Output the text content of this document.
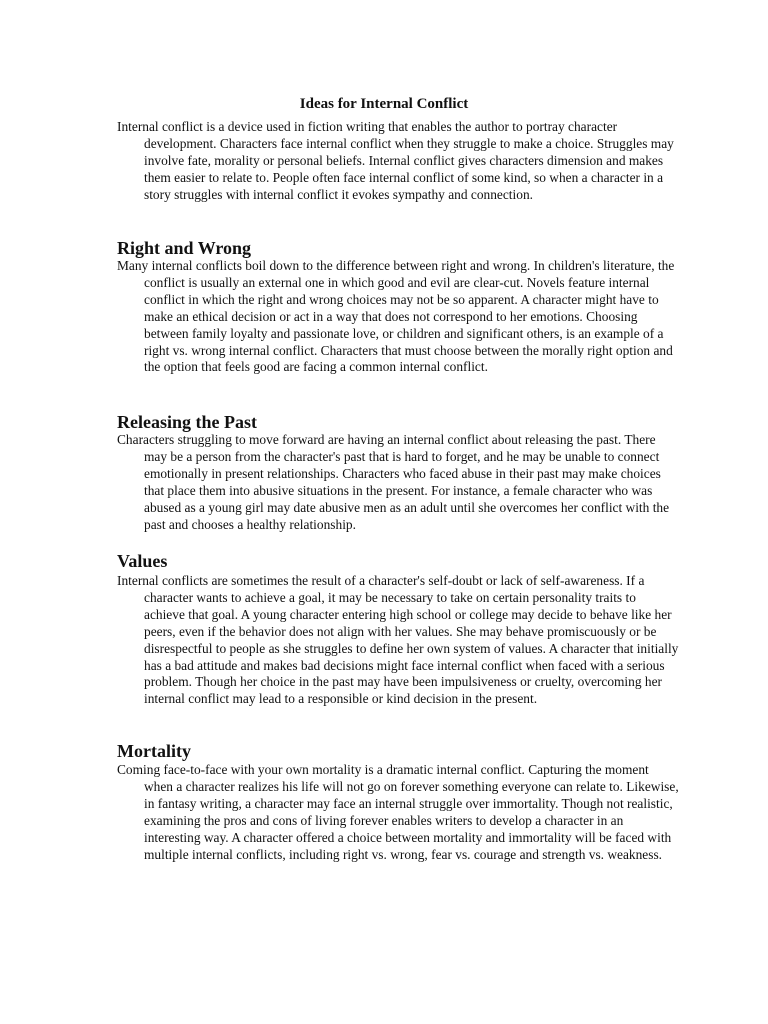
Ideas for Internal Conflict

Internal conflict is a device used in fiction writing that enables the author to portray character development. Characters face internal conflict when they struggle to make a choice. Struggles may involve fate, morality or personal beliefs. Internal conflict gives characters dimension and makes them easier to relate to. People often face internal conflict of some kind, so when a character in a story struggles with internal conflict it evokes sympathy and connection.

Right and Wrong

Many internal conflicts boil down to the difference between right and wrong. In children's literature, the conflict is usually an external one in which good and evil are clear-cut. Novels feature internal conflict in which the right and wrong choices may not be so apparent. A character might have to make an ethical decision or act in a way that does not correspond to her emotions. Choosing between family loyalty and passionate love, or children and significant others, is an example of a right vs. wrong internal conflict. Characters that must choose between the morally right option and the option that feels good are facing a common internal conflict.

Releasing the Past

Characters struggling to move forward are having an internal conflict about releasing the past. There may be a person from the character's past that is hard to forget, and he may be unable to connect emotionally in present relationships. Characters who faced abuse in their past may make choices that place them into abusive situations in the present. For instance, a female character who was abused as a young girl may date abusive men as an adult until she overcomes her conflict with the past and chooses a healthy relationship.

Values

Internal conflicts are sometimes the result of a character's self-doubt or lack of self-awareness. If a character wants to achieve a goal, it may be necessary to take on certain personality traits to achieve that goal. A young character entering high school or college may decide to behave like her peers, even if the behavior does not align with her values. She may behave promiscuously or be disrespectful to people as she struggles to define her own system of values. A character that initially has a bad attitude and makes bad decisions might face internal conflict when faced with a serious problem. Though her choice in the past may have been impulsiveness or cruelty, overcoming her internal conflict may lead to a responsible or kind decision in the present.

Mortality

Coming face-to-face with your own mortality is a dramatic internal conflict. Capturing the moment when a character realizes his life will not go on forever something everyone can relate to. Likewise, in fantasy writing, a character may face an internal struggle over immortality. Though not realistic, examining the pros and cons of living forever enables writers to develop a character in an interesting way. A character offered a choice between mortality and immortality will be faced with multiple internal conflicts, including right vs. wrong, fear vs. courage and strength vs. weakness.
